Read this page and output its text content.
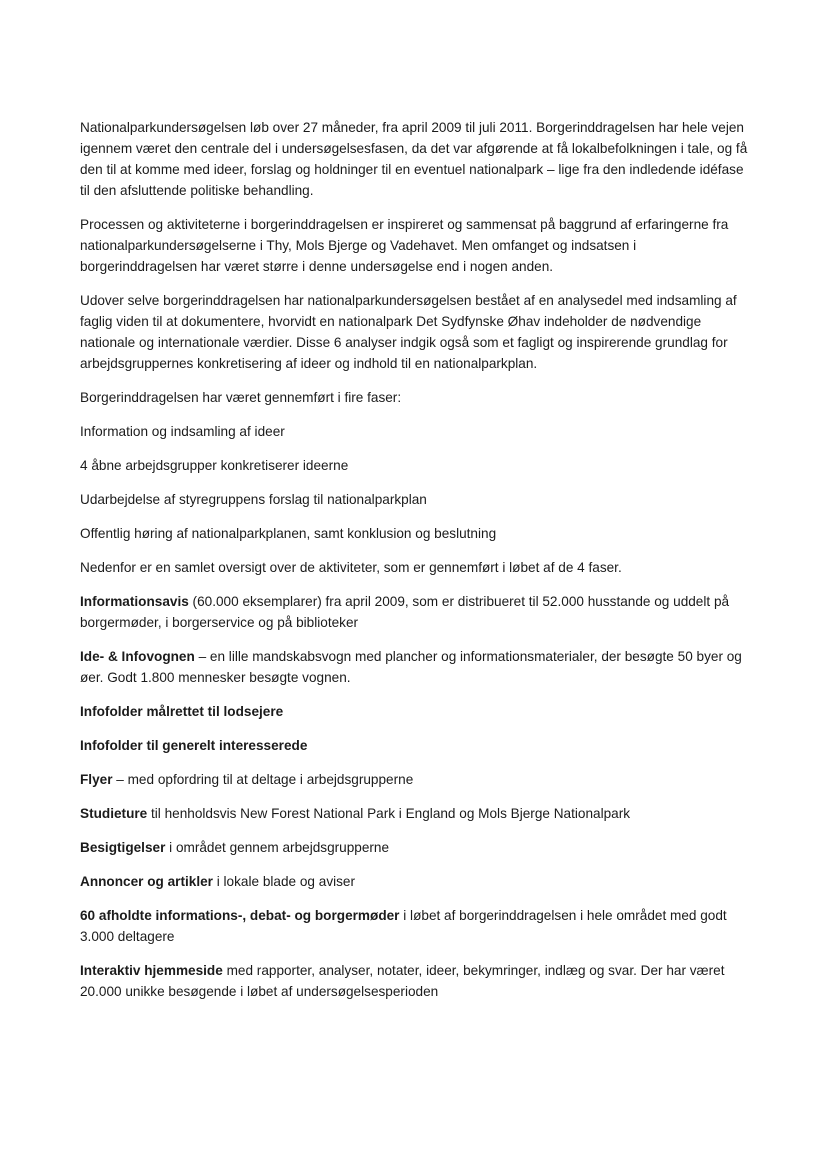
Nationalparkundersøgelsen løb over 27 måneder, fra april 2009 til juli 2011. Borgerinddragelsen har hele vejen igennem været den centrale del i undersøgelsesfasen, da det var afgørende at få lokalbefolkningen i tale, og få den til at komme med ideer, forslag og holdninger til en eventuel nationalpark – lige fra den indledende idéfase til den afsluttende politiske behandling.

Processen og aktiviteterne i borgerinddragelsen er inspireret og sammensat på baggrund af erfaringerne fra nationalparkundersøgelserne i Thy, Mols Bjerge og Vadehavet. Men omfanget og indsatsen i borgerinddragelsen har været større i denne undersøgelse end i nogen anden.

Udover selve borgerinddragelsen har nationalparkundersøgelsen bestået af en analysedel med indsamling af faglig viden til at dokumentere, hvorvidt en nationalpark Det Sydfynske Øhav indeholder de nødvendige nationale og internationale værdier. Disse 6 analyser indgik også som et fagligt og inspirerende grundlag for arbejdsgruppernes konkretisering af ideer og indhold til en nationalparkplan.

Borgerinddragelsen har været gennemført i fire faser:

Information og indsamling af ideer

4 åbne arbejdsgrupper konkretiserer ideerne

Udarbejdelse af styregruppens forslag til nationalparkplan

Offentlig høring af nationalparkplanen, samt konklusion og beslutning

Nedenfor er en samlet oversigt over de aktiviteter, som er gennemført i løbet af de 4 faser.

Informationsavis (60.000 eksemplarer) fra april 2009, som er distribueret til 52.000 husstande og uddelt på borgermøder, i borgerservice og på biblioteker

Ide- & Infovognen – en lille mandskabsvogn med plancher og informationsmaterialer, der besøgte 50 byer og øer. Godt 1.800 mennesker besøgte vognen.

Infofolder målrettet til lodsejere

Infofolder til generelt interesserede

Flyer – med opfordring til at deltage i arbejdsgrupperne

Studieture til henholdsvis New Forest National Park i England og Mols Bjerge Nationalpark

Besigtigelser i området gennem arbejdsgrupperne

Annoncer og artikler i lokale blade og aviser

60 afholdte informations-, debat- og borgermøder i løbet af borgerinddragelsen i hele området med godt 3.000 deltagere

Interaktiv hjemmeside med rapporter, analyser, notater, ideer, bekymringer, indlæg og svar. Der har været 20.000 unikke besøgende i løbet af undersøgelsesperioden
